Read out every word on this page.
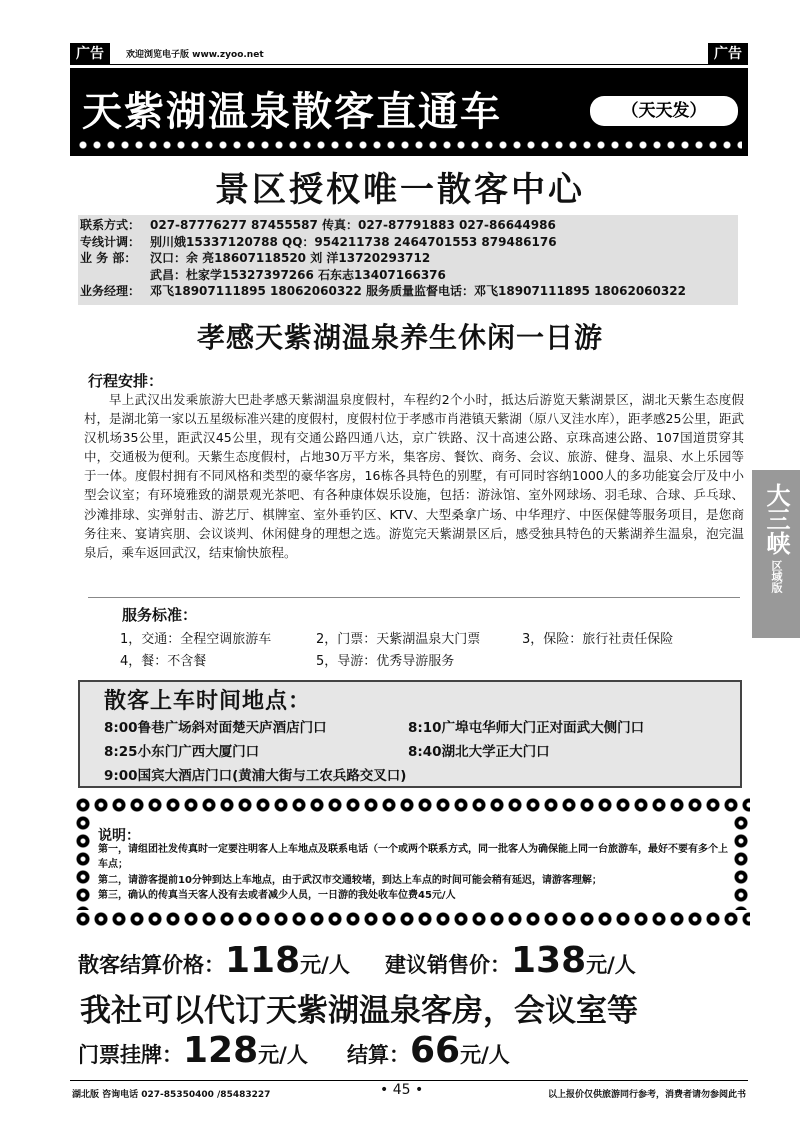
广告	欢迎浏览电子版 www.zyoo.net	广告
天紫湖温泉散客直通车	（天天发）
景区授权唯一散客中心
联系方式： 027-87776277 87455587 传真：027-87791883 027-86644986
专线计调： 别川娥15337120788 QQ：954211738 2464701553 879486176
业 务 部： 汉口：余 亮18607118520 刘 洋13720293712
武昌：杜家学15327397266 石东志13407166376
业务经理： 邓飞18907111895 18062060322 服务质量监督电话：邓飞18907111895 18062060322
孝感天紫湖温泉养生休闲一日游
行程安排：
早上武汉出发乘旅游大巴赴孝感天紫湖温泉度假村，车程约2个小时，抵达后游览天紫湖景区，湖北天紫生态度假村，是湖北第一家以五星级标准兴建的度假村，度假村位于孝感市肖港镇天紫湖（原八叉洼水库），距孝感25公里，距武汉机场35公里，距武汉45公里，现有交通公路四通八达，京广铁路、汉十高速公路、京珠高速公路、107国道贯穿其中，交通极为便利。天紫生态度假村，占地30万平方米，集客房、餐饮、商务、会议、旅游、健身、温泉、水上乐园等于一体。度假村拥有不同风格和类型的豪华客房，16栋各具特色的别墅，有可同时容纳1000人的多功能宴会厅及中小型会议室；有环境雅致的湖景观光茶吧、有各种康体娱乐设施，包括：游泳馆、室外网球场、羽毛球、合球、乒乓球、沙滩排球、实弹射击、游艺厅、棋牌室、室外垂钓区、KTV、大型桑拿广场、中华理疗、中医保健等服务项目，是您商务往来、宴请宾朋、会议谈判、休闲健身的理想之选。游览完天紫湖景区后，感受独具特色的天紫湖养生温泉，泡完温泉后，乘车返回武汉，结束愉快旅程。
服务标准：
1，交通：全程空调旅游车	2，门票：天紫湖温泉大门票	3，保险：旅行社责任保险
4，餐：不含餐	5，导游：优秀导游服务
散客上车时间地点：
8:00鲁巷广场斜对面楚天庐酒店门口	8:10广埠屯华师大门正对面武大侧门口
8:25小东门广西大厦门口	8:40湖北大学正大门口
9:00国宾大酒店门口(黄浦大街与工农兵路交叉口)
说明：
第一，请组团社发传真时一定要注明客人上车地点及联系电话（一个或两个联系方式，同一批客人为确保能上同一台旅游车，最好不要有多个上车点；
第二，请游客提前10分钟到达上车地点，由于武汉市交通较堵，到达上车点的时间可能会稍有延迟，请游客理解；
第三，确认的传真当天客人没有去或者减少人员，一日游的我处收车位费45元/人
散客结算价格：118元/人 建议销售价：138元/人
我社可以代订天紫湖温泉客房，会议室等
门票挂牌：128元/人 结算：66元/人
湖北版 咨询电话 027-85350400 /85483227	• 45 •	以上报价仅供旅游同行参考，消费者请勿参阅此书
大三峡
区域版
